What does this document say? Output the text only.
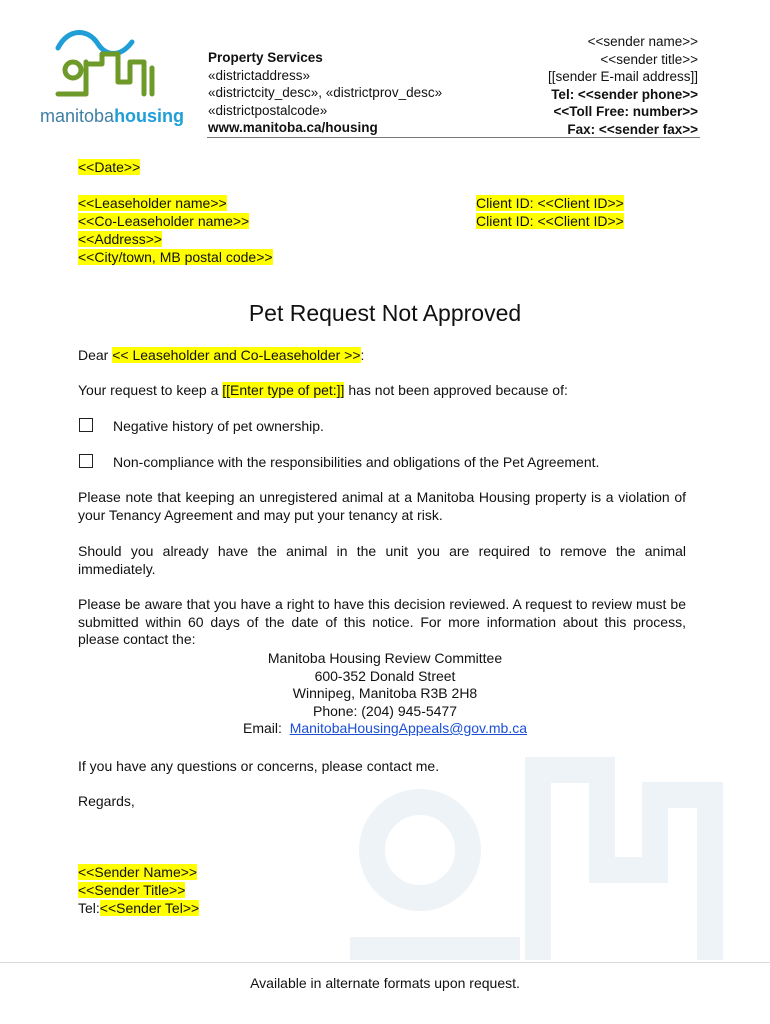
manitobahousing
Property Services
«districtaddress»
«districtcity_desc», «districtprov_desc»
«districtpostalcode»
www.manitoba.ca/housing
<<sender name>>
<<sender title>>
[[sender E-mail address]]
Tel: <<sender phone>>
<<Toll Free: number>>
Fax: <<sender fax>>
<<Date>>
<<Leaseholder name>>
<<Co-Leaseholder name>>
<<Address>>
<<City/town, MB postal code>>
Client ID: <<Client ID>>
Client ID: <<Client ID>>
Pet Request Not Approved
Dear << Leaseholder and Co-Leaseholder >>:
Your request to keep a [[Enter type of pet:]] has not been approved because of:
Negative history of pet ownership.
Non-compliance with the responsibilities and obligations of the Pet Agreement.
Please note that keeping an unregistered animal at a Manitoba Housing property is a violation of your Tenancy Agreement and may put your tenancy at risk.
Should you already have the animal in the unit you are required to remove the animal immediately.
Please be aware that you have a right to have this decision reviewed. A request to review must be submitted within 60 days of the date of this notice. For more information about this process, please contact the:
Manitoba Housing Review Committee
600-352 Donald Street
Winnipeg, Manitoba R3B 2H8
Phone: (204) 945-5477
Email:  ManitobaHousingAppeals@gov.mb.ca
If you have any questions or concerns, please contact me.
Regards,
<<Sender Name>>
<<Sender Title>>
Tel:<<Sender Tel>>
Available in alternate formats upon request.
